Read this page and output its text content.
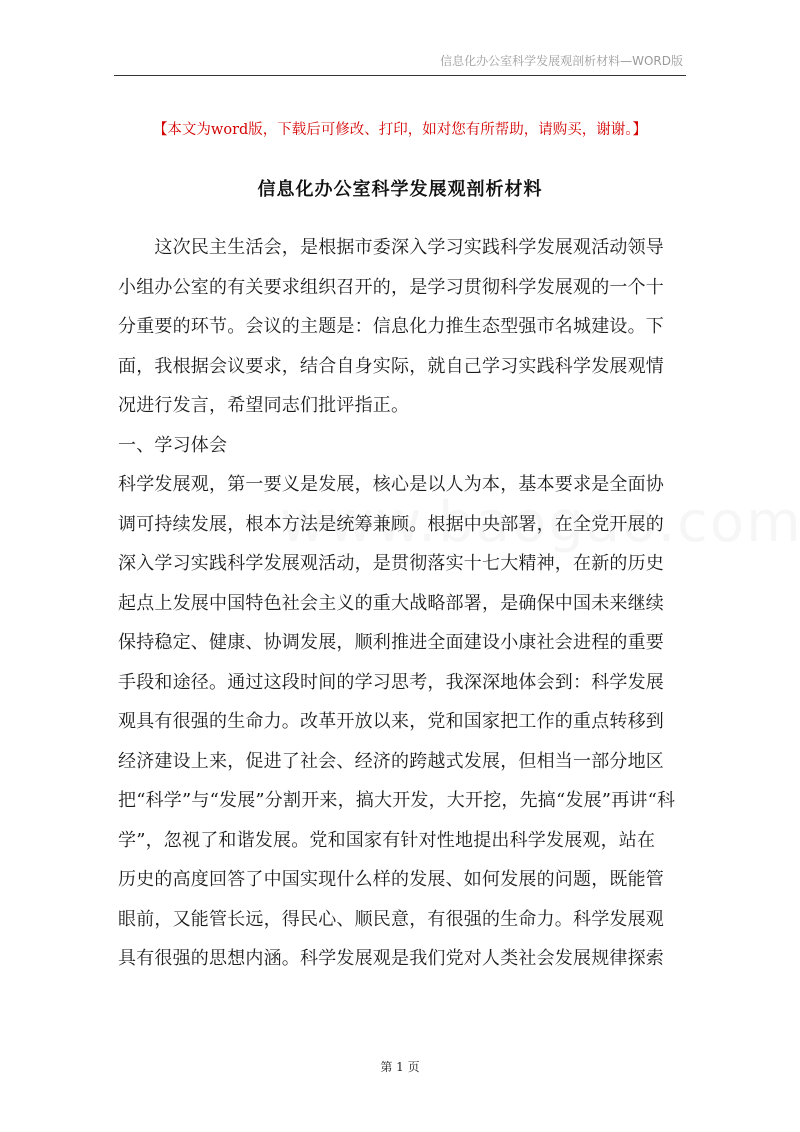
信息化办公室科学发展观剖析材料—WORD版
【本文为word版，下载后可修改、打印，如对您有所帮助，请购买，谢谢。】
信息化办公室科学发展观剖析材料
　　这次民主生活会，是根据市委深入学习实践科学发展观活动领导
小组办公室的有关要求组织召开的，是学习贯彻科学发展观的一个十
分重要的环节。会议的主题是：信息化力推生态型强市名城建设。下
面，我根据会议要求，结合自身实际，就自己学习实践科学发展观情
况进行发言，希望同志们批评指正。
一、学习体会
科学发展观，第一要义是发展，核心是以人为本，基本要求是全面协
调可持续发展，根本方法是统筹兼顾。根据中央部署，在全党开展的
深入学习实践科学发展观活动，是贯彻落实十七大精神，在新的历史
起点上发展中国特色社会主义的重大战略部署，是确保中国未来继续
保持稳定、健康、协调发展，顺利推进全面建设小康社会进程的重要
手段和途径。通过这段时间的学习思考，我深深地体会到：科学发展
观具有很强的生命力。改革开放以来，党和国家把工作的重点转移到
经济建设上来，促进了社会、经济的跨越式发展，但相当一部分地区
把“科学”与“发展”分割开来，搞大开发，大开挖，先搞“发展”再讲“科
学”，忽视了和谐发展。党和国家有针对性地提出科学发展观，站在
历史的高度回答了中国实现什么样的发展、如何发展的问题，既能管
眼前，又能管长远，得民心、顺民意，有很强的生命力。科学发展观
具有很强的思想内涵。科学发展观是我们党对人类社会发展规律探索
第 1 页
